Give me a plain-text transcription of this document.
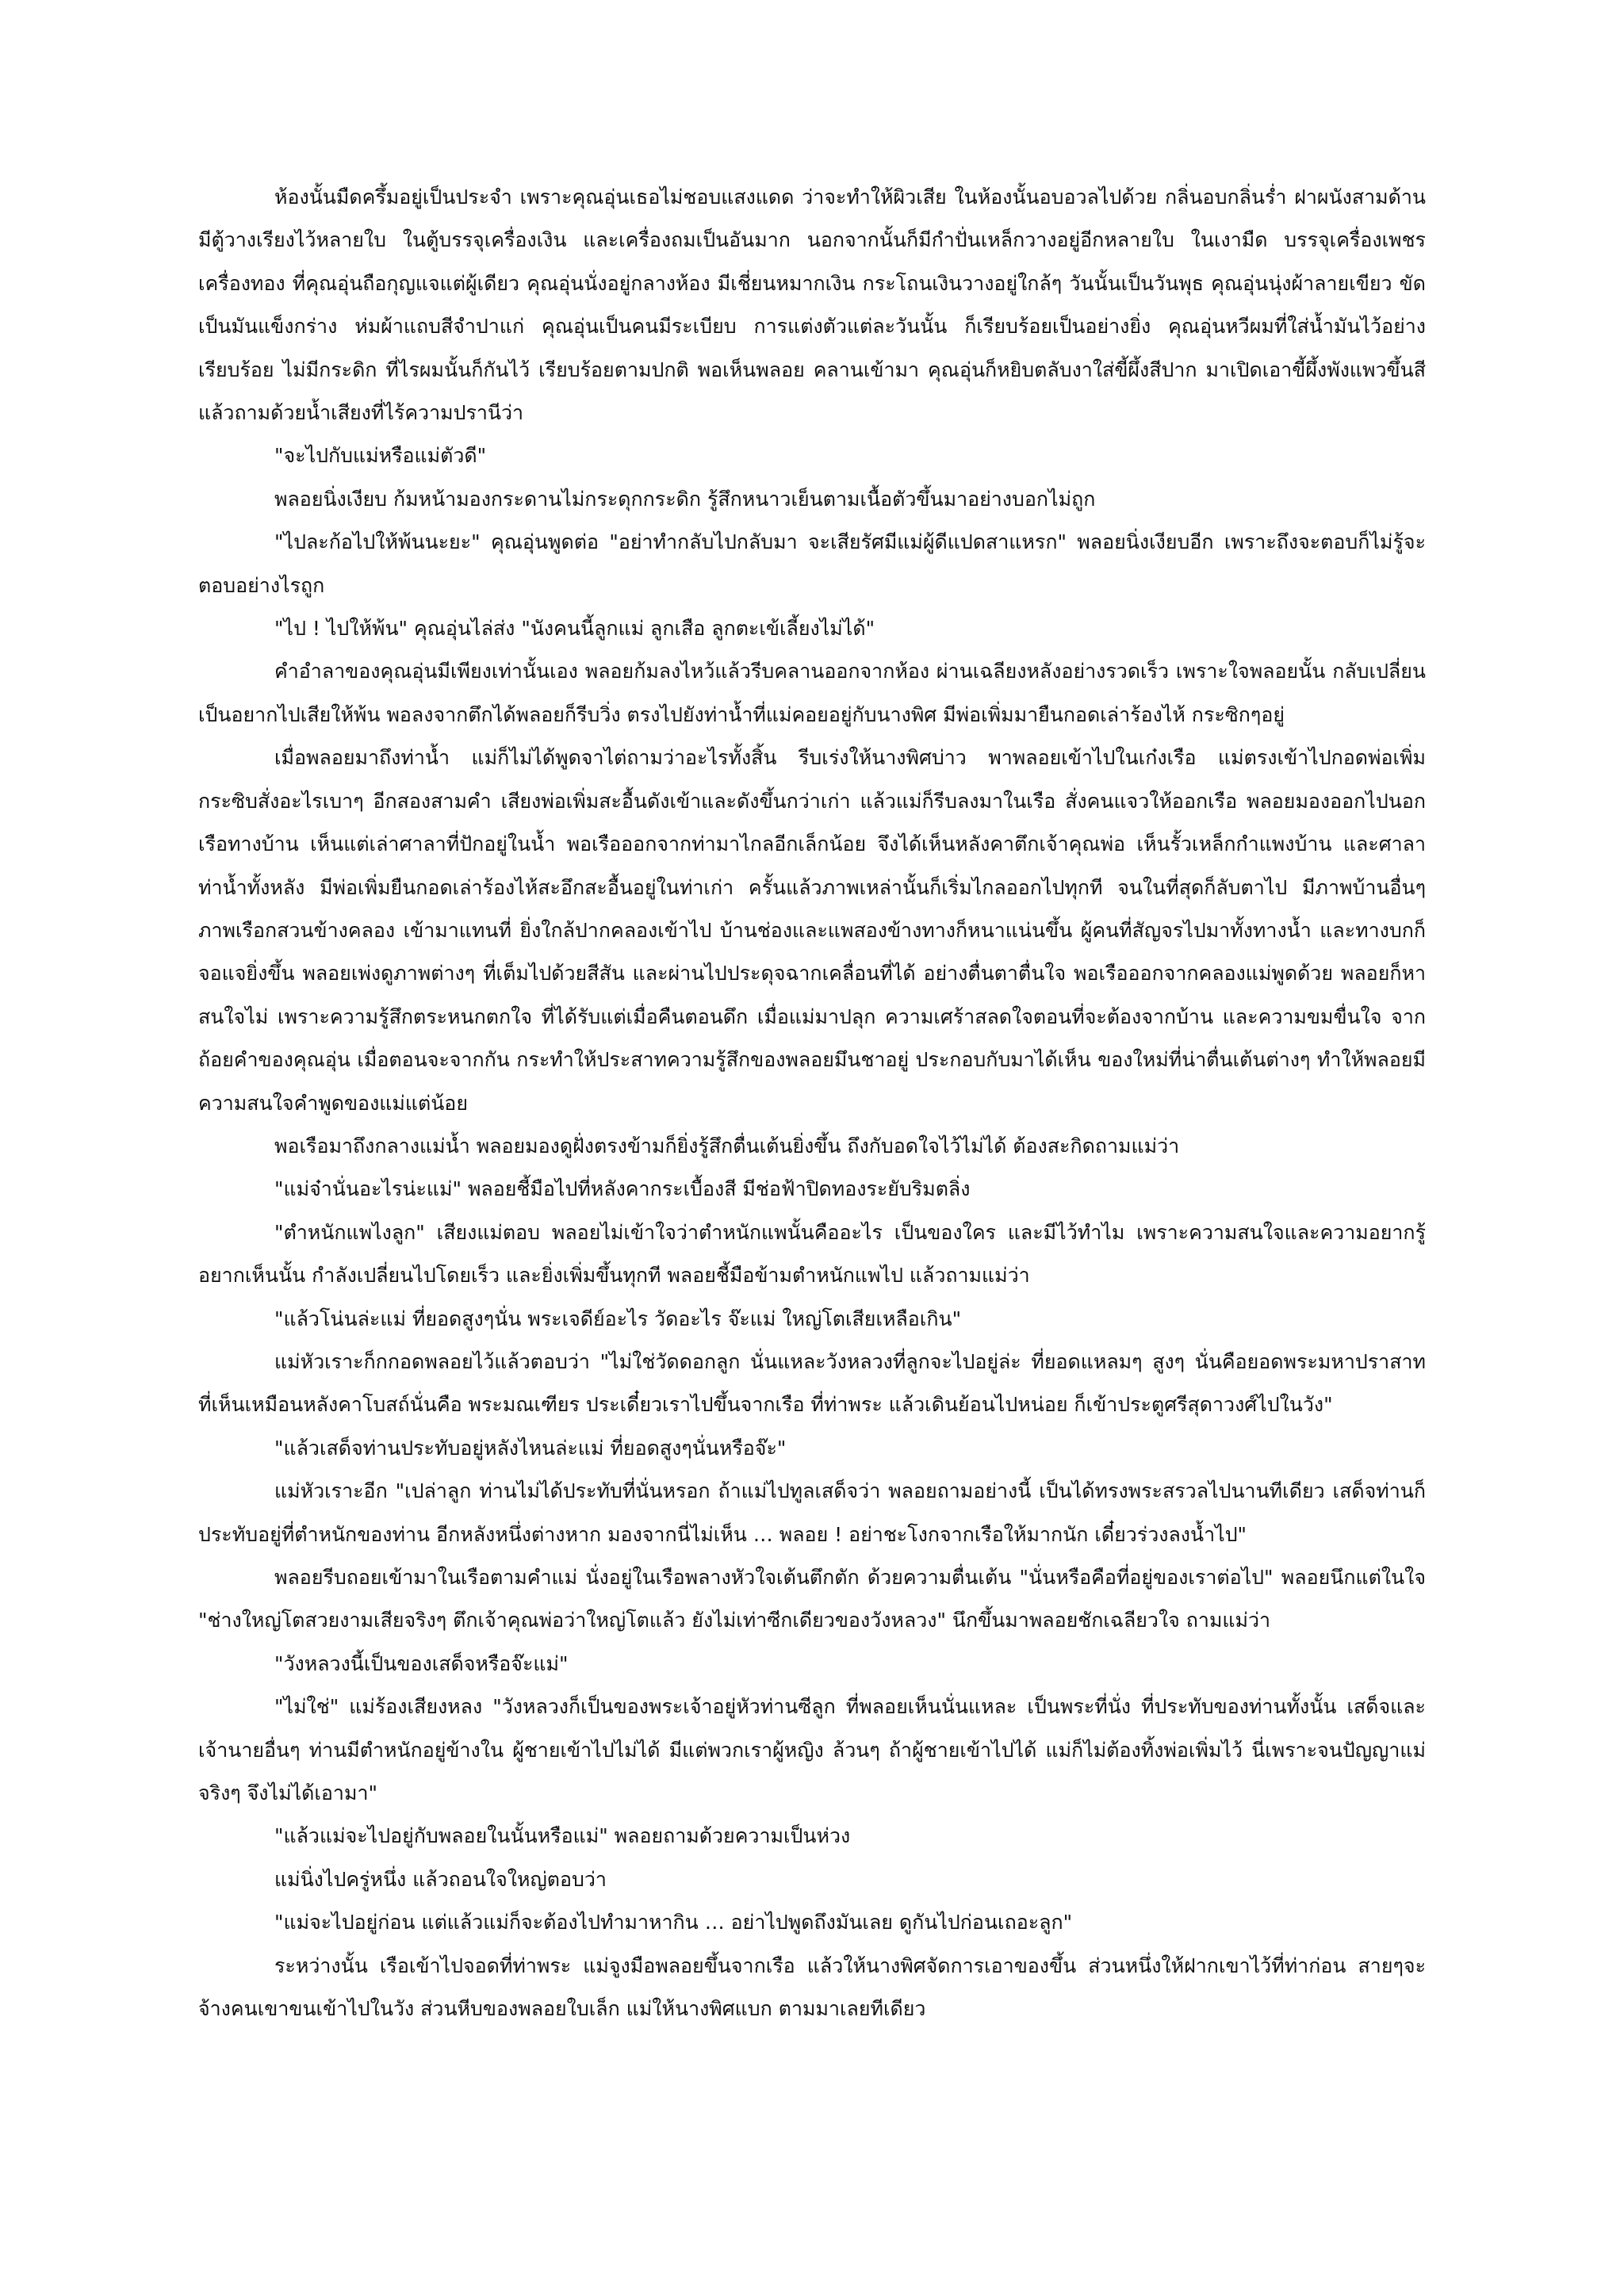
ห้องนั้นมืดครึ้มอยู่เป็นประจำ เพราะคุณอุ่นเธอไม่ชอบแสงแดด ว่าจะทำให้ผิวเสีย ในห้องนั้นอบอวลไปด้วย กลิ่นอบกลิ่นร่ำ ฝาผนังสามด้านมีตู้วางเรียงไว้หลายใบ ในตู้บรรจุเครื่องเงิน และเครื่องถมเป็นอันมาก นอกจากนั้นก็มีกำปั่นเหล็กวางอยู่อีกหลายใบ ในเงามืด บรรจุเครื่องเพชรเครื่องทอง ที่คุณอุ่นถือกุญแจแต่ผู้เดียว คุณอุ่นนั่งอยู่กลางห้อง มีเชี่ยนหมากเงิน กระโถนเงินวางอยู่ใกล้ๆ วันนั้นเป็นวันพุธ คุณอุ่นนุ่งผ้าลายเขียว ขัดเป็นมันแข็งกร่าง ห่มผ้าแถบสีจำปาแก่ คุณอุ่นเป็นคนมีระเบียบ การแต่งตัวแต่ละวันนั้น ก็เรียบร้อยเป็นอย่างยิ่ง คุณอุ่นหวีผมที่ใส่น้ำมันไว้อย่างเรียบร้อย ไม่มีกระดิก ที่ไรผมนั้นก็กันไว้ เรียบร้อยตามปกติ พอเห็นพลอย คลานเข้ามา คุณอุ่นก็หยิบตลับงาใส่ขี้ผึ้งสีปาก มาเปิดเอาขี้ผึ้งพังแพวขึ้นสี แล้วถามด้วยน้ำเสียงที่ไร้ความปรานีว่า

"จะไปกับแม่หรือแม่ตัวดี"

พลอยนิ่งเงียบ ก้มหน้ามองกระดานไม่กระดุกกระดิก รู้สึกหนาวเย็นตามเนื้อตัวขึ้นมาอย่างบอกไม่ถูก

"ไปละก้อไปให้พ้นนะยะ" คุณอุ่นพูดต่อ "อย่าทำกลับไปกลับมา จะเสียรัศมีแม่ผู้ดีแปดสาแหรก" พลอยนิ่งเงียบอีก เพราะถึงจะตอบก็ไม่รู้จะตอบอย่างไรถูก

"ไป ! ไปให้พ้น" คุณอุ่นไล่ส่ง "นังคนนี้ลูกแม่ ลูกเสือ ลูกตะเข้เลี้ยงไม่ได้"

คำอำลาของคุณอุ่นมีเพียงเท่านั้นเอง พลอยก้มลงไหว้แล้วรีบคลานออกจากห้อง ผ่านเฉลียงหลังอย่างรวดเร็ว เพราะใจพลอยนั้น กลับเปลี่ยนเป็นอยากไปเสียให้พ้น พอลงจากตึกได้พลอยก็รีบวิ่ง ตรงไปยังท่าน้ำที่แม่คอยอยู่กับนางพิศ มีพ่อเพิ่มมายืนกอดเล่าร้องไห้ กระซิกๆอยู่

เมื่อพลอยมาถึงท่าน้ำ แม่ก็ไม่ได้พูดจาไต่ถามว่าอะไรทั้งสิ้น รีบเร่งให้นางพิศบ่าว พาพลอยเข้าไปในเก๋งเรือ แม่ตรงเข้าไปกอดพ่อเพิ่ม กระซิบสั่งอะไรเบาๆ อีกสองสามคำ เสียงพ่อเพิ่มสะอื้นดังเข้าและดังขึ้นกว่าเก่า แล้วแม่ก็รีบลงมาในเรือ สั่งคนแจวให้ออกเรือ พลอยมองออกไปนอกเรือทางบ้าน เห็นแต่เล่าศาลาที่ปักอยู่ในน้ำ พอเรือออกจากท่ามาไกลอีกเล็กน้อย จึงได้เห็นหลังคาตึกเจ้าคุณพ่อ เห็นรั้วเหล็กกำแพงบ้าน และศาลาท่าน้ำทั้งหลัง มีพ่อเพิ่มยืนกอดเล่าร้องไห้สะอึกสะอื้นอยู่ในท่าเก่า ครั้นแล้วภาพเหล่านั้นก็เริ่มไกลออกไปทุกที จนในที่สุดก็ลับตาไป มีภาพบ้านอื่นๆ ภาพเรือกสวนข้างคลอง เข้ามาแทนที่ ยิ่งใกล้ปากคลองเข้าไป บ้านช่องและแพสองข้างทางก็หนาแน่นขึ้น ผู้คนที่สัญจรไปมาทั้งทางน้ำ และทางบกก็จอแจยิ่งขึ้น พลอยเพ่งดูภาพต่างๆ ที่เต็มไปด้วยสีสัน และผ่านไปประดุจฉากเคลื่อนที่ได้ อย่างตื่นตาตื่นใจ พอเรือออกจากคลองแม่พูดด้วย พลอยก็หาสนใจไม่ เพราะความรู้สึกตระหนกตกใจ ที่ได้รับแต่เมื่อคืนตอนดึก เมื่อแม่มาปลุก ความเศร้าสลดใจตอนที่จะต้องจากบ้าน และความขมขื่นใจ จากถ้อยคำของคุณอุ่น เมื่อตอนจะจากกัน กระทำให้ประสาทความรู้สึกของพลอยมึนชาอยู่ ประกอบกับมาได้เห็น ของใหม่ที่น่าตื่นเต้นต่างๆ ทำให้พลอยมีความสนใจคำพูดของแม่แต่น้อย

พอเรือมาถึงกลางแม่น้ำ พลอยมองดูฝั่งตรงข้ามก็ยิ่งรู้สึกตื่นเต้นยิ่งขึ้น ถึงกับอดใจไว้ไม่ได้ ต้องสะกิดถามแม่ว่า

"แม่จ๋านั่นอะไรน่ะแม่" พลอยชี้มือไปที่หลังคากระเบื้องสี มีช่อฟ้าปิดทองระยับริมตลิ่ง

"ตำหนักแพไงลูก" เสียงแม่ตอบ พลอยไม่เข้าใจว่าตำหนักแพนั้นคืออะไร เป็นของใคร และมีไว้ทำไม เพราะความสนใจและความอยากรู้อยากเห็นนั้น กำลังเปลี่ยนไปโดยเร็ว และยิ่งเพิ่มขึ้นทุกที พลอยชี้มือข้ามตำหนักแพไป แล้วถามแม่ว่า

"แล้วโน่นล่ะแม่ ที่ยอดสูงๆนั่น พระเจดีย์อะไร วัดอะไร จ๊ะแม่ ใหญ่โตเสียเหลือเกิน"

แม่หัวเราะก็กกอดพลอยไว้แล้วตอบว่า "ไม่ใช่วัดดอกลูก นั่นแหละวังหลวงที่ลูกจะไปอยู่ล่ะ ที่ยอดแหลมๆ สูงๆ นั่นคือยอดพระมหาปราสาท ที่เห็นเหมือนหลังคาโบสถ์นั่นคือ พระมณเฑียร ประเดี๋ยวเราไปขึ้นจากเรือ ที่ท่าพระ แล้วเดินย้อนไปหน่อย ก็เข้าประตูศรีสุดาวงศ์ไปในวัง"

"แล้วเสด็จท่านประทับอยู่หลังไหนล่ะแม่ ที่ยอดสูงๆนั่นหรือจ๊ะ"

แม่หัวเราะอีก "เปล่าลูก ท่านไม่ได้ประทับที่นั่นหรอก ถ้าแม่ไปทูลเสด็จว่า พลอยถามอย่างนี้ เป็นได้ทรงพระสรวลไปนานทีเดียว เสด็จท่านก็ประทับอยู่ที่ตำหนักของท่าน อีกหลังหนึ่งต่างหาก มองจากนี่ไม่เห็น … พลอย ! อย่าชะโงกจากเรือให้มากนัก เดี๋ยวร่วงลงน้ำไป"

พลอยรีบถอยเข้ามาในเรือตามคำแม่ นั่งอยู่ในเรือพลางหัวใจเต้นตึกตัก ด้วยความตื่นเต้น "นั่นหรือคือที่อยู่ของเราต่อไป" พลอยนึกแต่ในใจ "ช่างใหญ่โตสวยงามเสียจริงๆ ตึกเจ้าคุณพ่อว่าใหญ่โตแล้ว ยังไม่เท่าซีกเดียวของวังหลวง" นึกขึ้นมาพลอยชักเฉลียวใจ ถามแม่ว่า

"วังหลวงนี้เป็นของเสด็จหรือจ๊ะแม่"

"ไม่ใช่" แม่ร้องเสียงหลง "วังหลวงก็เป็นของพระเจ้าอยู่หัวท่านซีลูก ที่พลอยเห็นนั่นแหละ เป็นพระที่นั่ง ที่ประทับของท่านทั้งนั้น เสด็จและเจ้านายอื่นๆ ท่านมีตำหนักอยู่ข้างใน ผู้ชายเข้าไปไม่ได้ มีแต่พวกเราผู้หญิง ล้วนๆ ถ้าผู้ชายเข้าไปได้ แม่ก็ไม่ต้องทิ้งพ่อเพิ่มไว้ นี่เพราะจนปัญญาแม่จริงๆ จึงไม่ได้เอามา"

"แล้วแม่จะไปอยู่กับพลอยในนั้นหรือแม่" พลอยถามด้วยความเป็นห่วง

แม่นิ่งไปครู่หนึ่ง แล้วถอนใจใหญ่ตอบว่า

"แม่จะไปอยู่ก่อน แต่แล้วแม่ก็จะต้องไปทำมาหากิน … อย่าไปพูดถึงมันเลย ดูกันไปก่อนเถอะลูก"

ระหว่างนั้น เรือเข้าไปจอดที่ท่าพระ แม่จูงมือพลอยขึ้นจากเรือ แล้วให้นางพิศจัดการเอาของขึ้น ส่วนหนึ่งให้ฝากเขาไว้ที่ท่าก่อน สายๆจะจ้างคนเขาขนเข้าไปในวัง ส่วนหีบของพลอยใบเล็ก แม่ให้นางพิศแบก ตามมาเลยทีเดียว
